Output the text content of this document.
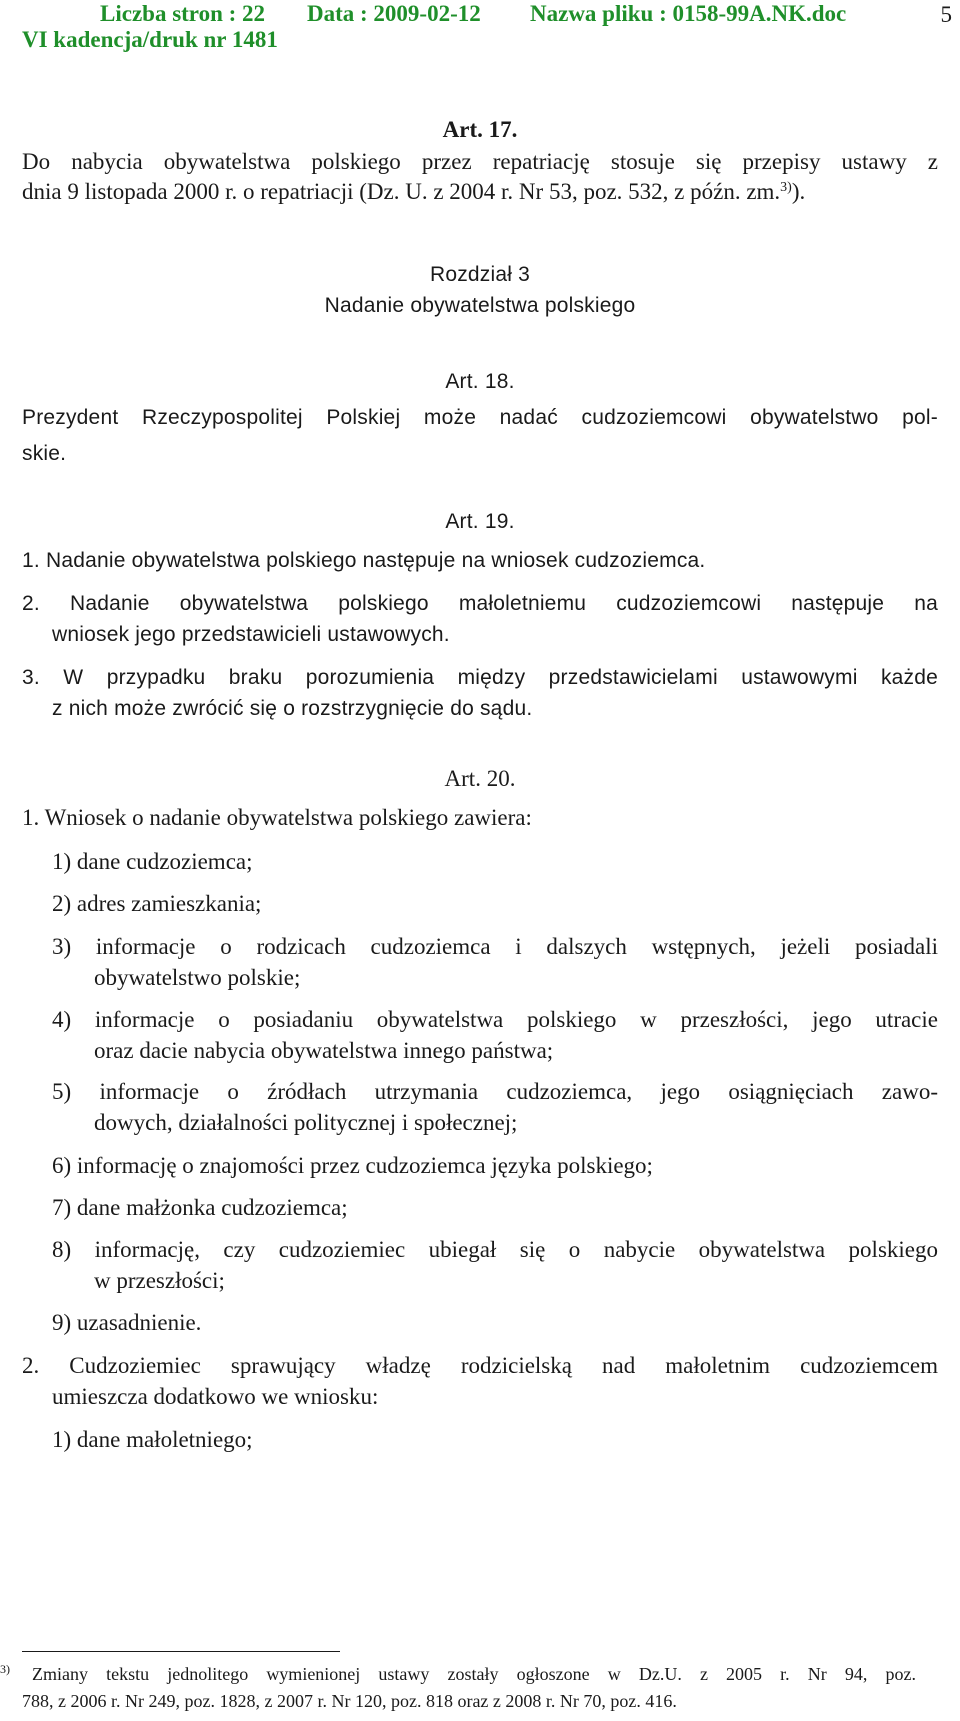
Liczba stron : 22 Data : 2009-02-12 Nazwa pliku : 0158-99A.NK.doc
VI kadencja/druk nr 1481
5
Art. 17.
Do nabycia obywatelstwa polskiego przez repatriację stosuje się przepisy ustawy z
dnia 9 listopada 2000 r. o repatriacji (Dz. U. z 2004 r. Nr 53, poz. 532, z późn. zm.$^{3)}$).
Rozdział 3
Nadanie obywatelstwa polskiego
Art. 18.
Prezydent Rzeczypospolitej Polskiej może nadać cudzoziemcowi obywatelstwo pol-
skie.
Art. 19.
1. Nadanie obywatelstwa polskiego następuje na wniosek cudzoziemca.
2. Nadanie obywatelstwa polskiego małoletniemu cudzoziemcowi następuje na
wniosek jego przedstawicieli ustawowych.
3. W przypadku braku porozumienia między przedstawicielami ustawowymi każde
z nich może zwrócić się o rozstrzygnięcie do sądu.
Art. 20.
1. Wniosek o nadanie obywatelstwa polskiego zawiera:
1) dane cudzoziemca;
2) adres zamieszkania;
3) informacje o rodzicach cudzoziemca i dalszych wstępnych, jeżeli posiadali
obywatelstwo polskie;
4) informacje o posiadaniu obywatelstwa polskiego w przeszłości, jego utracie
oraz dacie nabycia obywatelstwa innego państwa;
5) informacje o źródłach utrzymania cudzoziemca, jego osiągnięciach zawo-
dowych, działalności politycznej i społecznej;
6) informację o znajomości przez cudzoziemca języka polskiego;
7) dane małżonka cudzoziemca;
8) informację, czy cudzoziemiec ubiegał się o nabycie obywatelstwa polskiego
w przeszłości;
9) uzasadnienie.
2. Cudzoziemiec sprawujący władzę rodzicielską nad małoletnim cudzoziemcem
umieszcza dodatkowo we wniosku:
1) dane małoletniego;
$^{3)}$ Zmiany tekstu jednolitego wymienionej ustawy zostały ogłoszone w Dz.U. z 2005 r. Nr 94, poz.
788, z 2006 r. Nr 249, poz. 1828, z 2007 r. Nr 120, poz. 818 oraz z 2008 r. Nr 70, poz. 416.
